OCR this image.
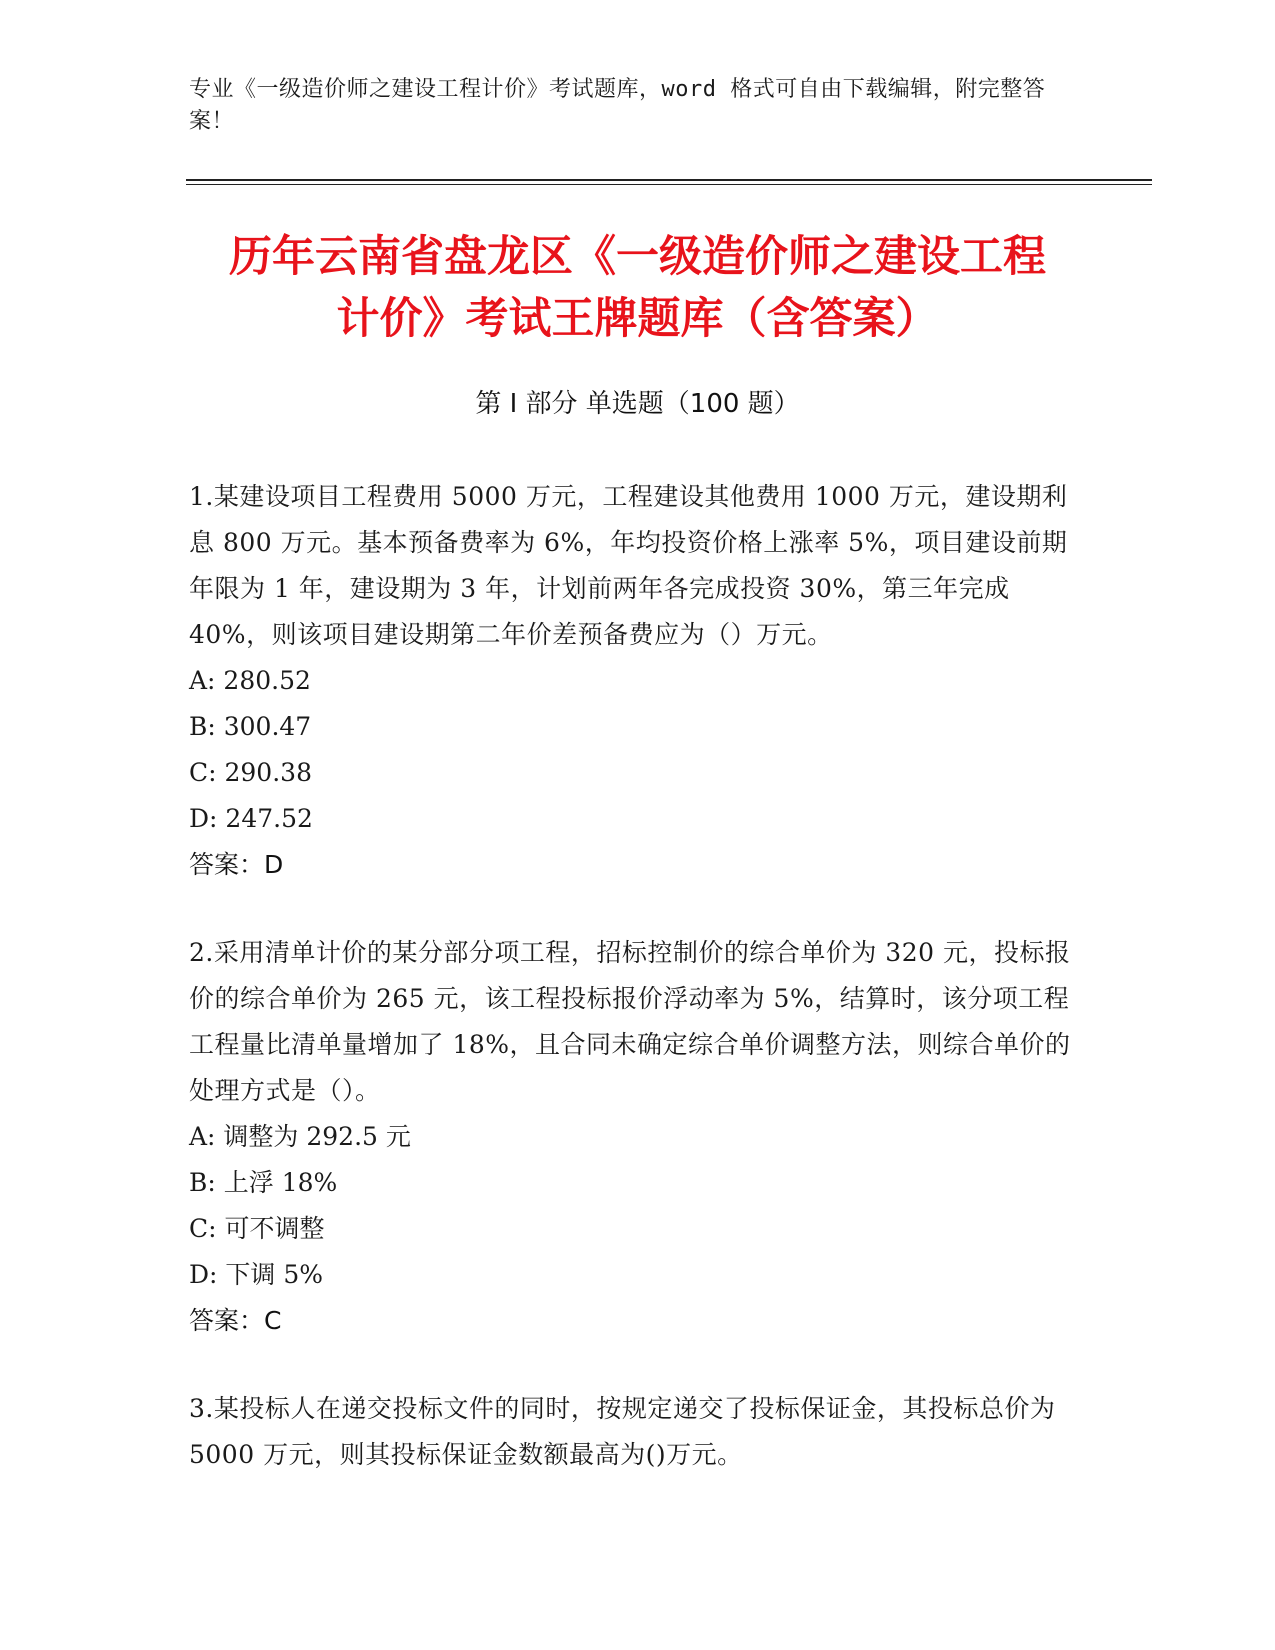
专业《一级造价师之建设工程计价》考试题库，word 格式可自由下载编辑，附完整答案！
历年云南省盘龙区《一级造价师之建设工程
计价》考试王牌题库（含答案）
第 I 部分 单选题（100 题）
1.某建设项目工程费用 5000 万元，工程建设其他费用 1000 万元，建设期利息 800 万元。基本预备费率为 6%，年均投资价格上涨率 5%，项目建设前期年限为 1 年，建设期为 3 年，计划前两年各完成投资 30%，第三年完成 40%，则该项目建设期第二年价差预备费应为（）万元。
A: 280.52
B: 300.47
C: 290.38
D: 247.52
答案：D
2.采用清单计价的某分部分项工程，招标控制价的综合单价为 320 元，投标报价的综合单价为 265 元，该工程投标报价浮动率为 5%，结算时，该分项工程工程量比清单量增加了 18%，且合同未确定综合单价调整方法，则综合单价的处理方式是（）。
A: 调整为 292.5 元
B: 上浮 18%
C: 可不调整
D: 下调 5%
答案：C
3.某投标人在递交投标文件的同时，按规定递交了投标保证金，其投标总价为 5000 万元，则其投标保证金数额最高为()万元。
